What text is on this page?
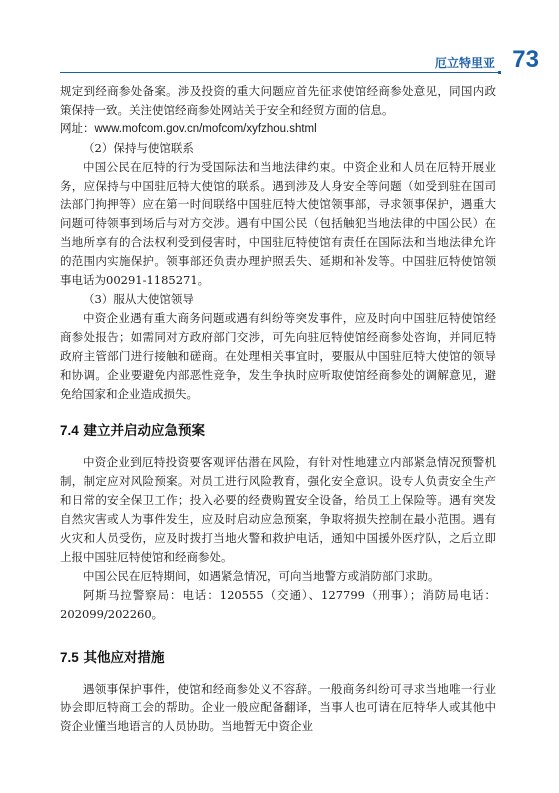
厄立特里亚 73

规定到经商参处备案。涉及投资的重大问题应首先征求使馆经商参处意见，同国内政策保持一致。关注使馆经商参处网站关于安全和经贸方面的信息。

网址：www.mofcom.gov.cn/mofcom/xyfzhou.shtml

（2）保持与使馆联系

中国公民在厄特的行为受国际法和当地法律约束。中资企业和人员在厄特开展业务，应保持与中国驻厄特大使馆的联系。遇到涉及人身安全等问题（如受到驻在国司法部门拘押等）应在第一时间联络中国驻厄特大使馆领事部，寻求领事保护，遇重大问题可待领事到场后与对方交涉。遇有中国公民（包括触犯当地法律的中国公民）在当地所享有的合法权利受到侵害时，中国驻厄特使馆有责任在国际法和当地法律允许的范围内实施保护。领事部还负责办理护照丢失、延期和补发等。中国驻厄特使馆领事电话为00291-1185271。

（3）服从大使馆领导

中资企业遇有重大商务问题或遇有纠纷等突发事件，应及时向中国驻厄特使馆经商参处报告；如需同对方政府部门交涉，可先向驻厄特使馆经商参处咨询，并同厄特政府主管部门进行接触和磋商。在处理相关事宜时，要服从中国驻厄特大使馆的领导和协调。企业要避免内部恶性竞争，发生争执时应听取使馆经商参处的调解意见，避免给国家和企业造成损失。

7.4 建立并启动应急预案

中资企业到厄特投资要客观评估潜在风险，有针对性地建立内部紧急情况预警机制，制定应对风险预案。对员工进行风险教育，强化安全意识。设专人负责安全生产和日常的安全保卫工作；投入必要的经费购置安全设备，给员工上保险等。遇有突发自然灾害或人为事件发生，应及时启动应急预案，争取将损失控制在最小范围。遇有火灾和人员受伤，应及时拨打当地火警和救护电话，通知中国援外医疗队，之后立即上报中国驻厄特使馆和经商参处。

中国公民在厄特期间，如遇紧急情况，可向当地警方或消防部门求助。

阿斯马拉警察局：电话：120555（交通）、127799（刑事）；消防局电话：202099/202260。

7.5 其他应对措施

遇领事保护事件，使馆和经商参处义不容辞。一般商务纠纷可寻求当地唯一行业协会即厄特商工会的帮助。企业一般应配备翻译，当事人也可请在厄特华人或其他中资企业懂当地语言的人员协助。当地暂无中资企业
